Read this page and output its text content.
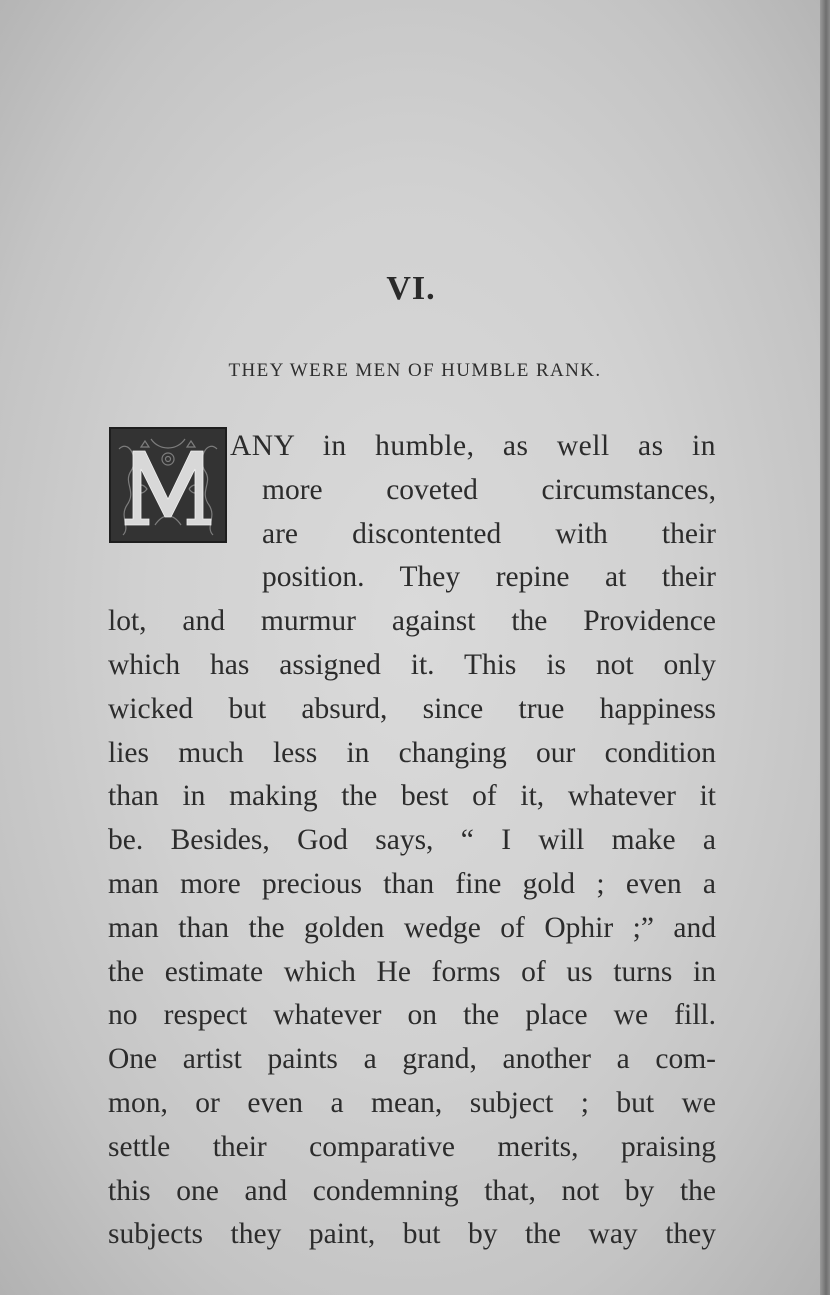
VI.
THEY WERE MEN OF HUMBLE RANK.
ANY in humble, as well as in
more coveted circumstances,
are discontented with their
position. They repine at their
lot, and murmur against the Providence
which has assigned it. This is not only
wicked but absurd, since true happiness
lies much less in changing our condition
than in making the best of it, whatever it
be. Besides, God says, “ I will make a
man more precious than fine gold ; even a
man than the golden wedge of Ophir ;” and
the estimate which He forms of us turns in
no respect whatever on the place we fill.
One artist paints a grand, another a com-
mon, or even a mean, subject ; but we
settle their comparative merits, praising
this one and condemning that, not by the
subjects they paint, but by the way they
